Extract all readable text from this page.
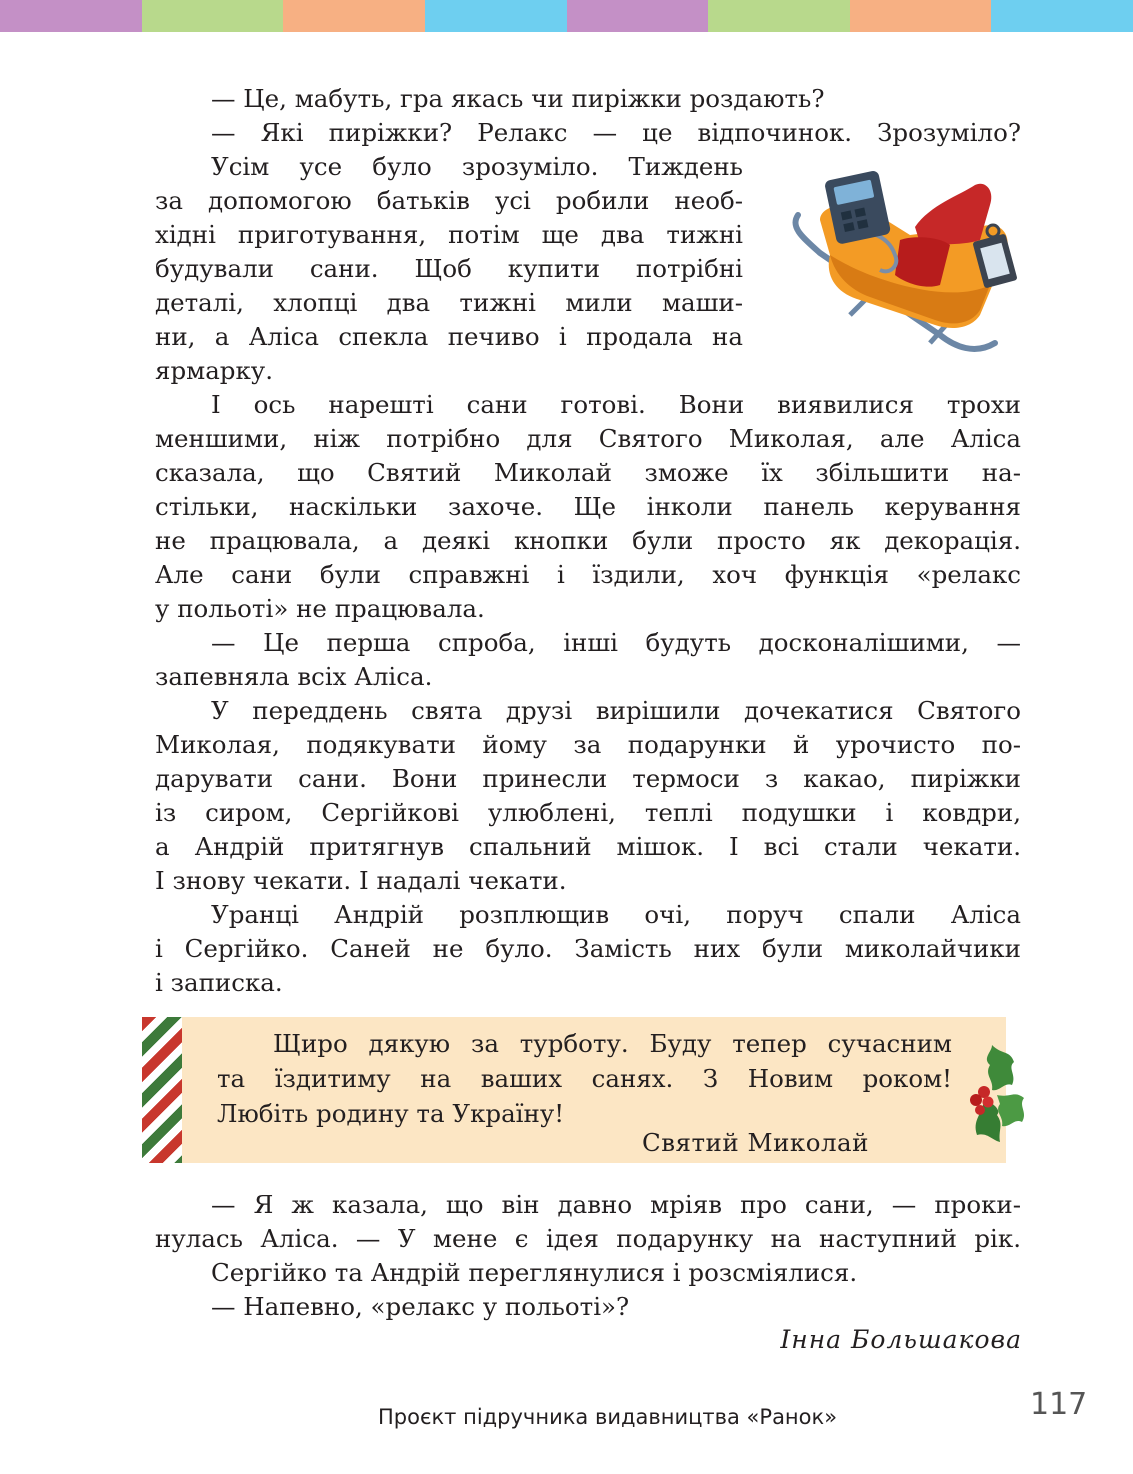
— Це, мабуть, гра якась чи пиріжки роздають?

— Які пиріжки? Релакс — це відпочинок. Зрозуміло?

Усім усе було зрозуміло. Тиждень
за допомогою батьків усі робили необ-
хідні приготування, потім ще два тижні
будували сани. Щоб купити потрібні
деталі, хлопці два тижні мили маши-
ни, а Аліса спекла печиво і продала на
ярмарку.

І ось нарешті сани готові. Вони виявилися трохи
меншими, ніж потрібно для Святого Миколая, але Аліса
сказала, що Святий Миколай зможе їх збільшити на-
стільки, наскільки захоче. Ще інколи панель керування
не працювала, а деякі кнопки були просто як декорація.
Але сани були справжні і їздили, хоч функція «релакс
у польоті» не працювала.

— Це перша спроба, інші будуть досконалішими, —
запевняла всіх Аліса.

У переддень свята друзі вирішили дочекатися Святого
Миколая, подякувати йому за подарунки й урочисто по-
дарувати сани. Вони принесли термоси з какао, пиріжки
із сиром, Сергійкові улюблені, теплі подушки і ковдри,
а Андрій притягнув спальний мішок. І всі стали чекати.
І знову чекати. І надалі чекати.

Уранці Андрій розплющив очі, поруч спали Аліса
і Сергійко. Саней не було. Замість них були миколайчики
і записка.

Щиро дякую за турботу. Буду тепер сучасним
та їздитиму на ваших санях. З Новим роком!
Любіть родину та Україну!
Святий Миколай

— Я ж казала, що він давно мріяв про сани, — проки-
нулась Аліса. — У мене є ідея подарунку на наступний рік.

Сергійко та Андрій переглянулися і розсміялися.

— Напевно, «релакс у польоті»?

Інна Большакова
Проєкт підручника видавництва «Ранок»	117
